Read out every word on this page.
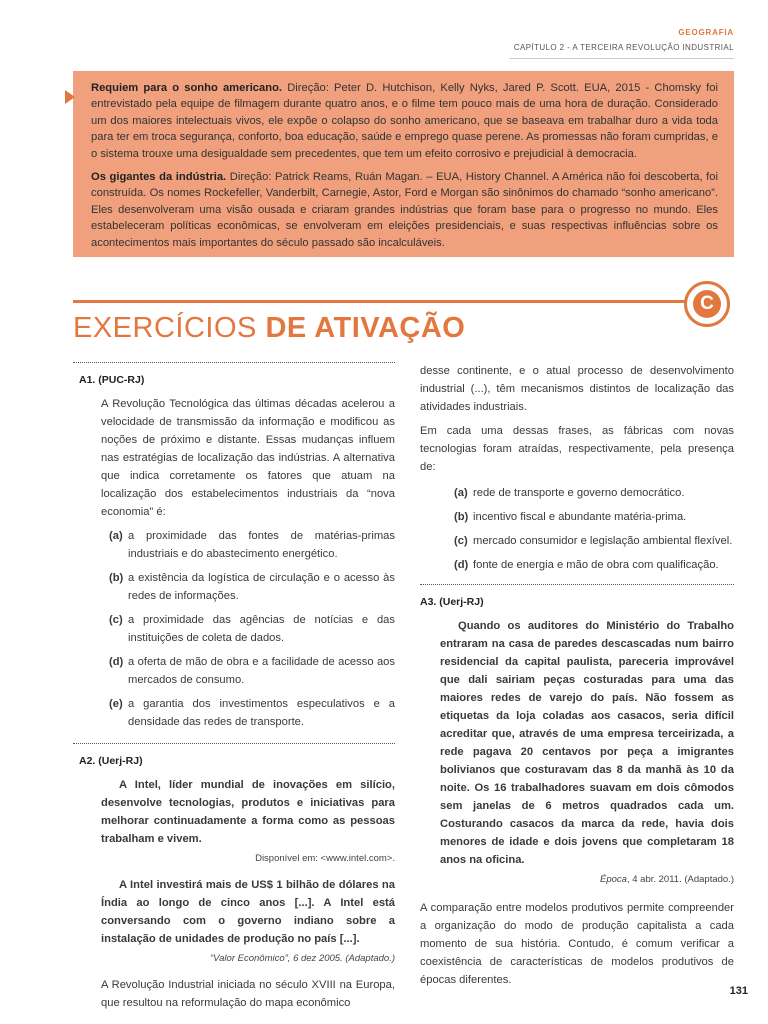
GEOGRAFIA
CAPÍTULO 2 - A TERCEIRA REVOLUÇÃO INDUSTRIAL

Requiem para o sonho americano. Direção: Peter D. Hutchison, Kelly Nyks, Jared P. Scott. EUA, 2015 - Chomsky foi entrevistado pela equipe de filmagem durante quatro anos, e o filme tem pouco mais de uma hora de duração. Considerado um dos maiores intelectuais vivos, ele expõe o colapso do sonho americano, que se baseava em trabalhar duro a vida toda para ter em troca segurança, conforto, boa educação, saúde e emprego quase perene. As promessas não foram cumpridas, e o sistema trouxe uma desigualdade sem precedentes, que tem um efeito corrosivo e prejudicial à democracia.

Os gigantes da indústria. Direção: Patrick Reams, Ruán Magan. – EUA, History Channel. A América não foi descoberta, foi construída. Os nomes Rockefeller, Vanderbilt, Carnegie, Astor, Ford e Morgan são sinônimos do chamado “sonho americano”. Eles desenvolveram uma visão ousada e criaram grandes indústrias que foram base para o progresso no mundo. Eles estabeleceram políticas econômicas, se envolveram em eleições presidenciais, e suas respectivas influências sobre os acontecimentos mais importantes do século passado são incalculáveis.

C
EXERCÍCIOS DE ATIVAÇÃO
A1. (PUC-RJ)

A Revolução Tecnológica das últimas décadas acelerou a velocidade de transmissão da informação e modificou as noções de próximo e distante. Essas mudanças influem nas estratégias de localização das indústrias. A alternativa que indica corretamente os fatores que atuam na localização dos estabelecimentos industriais da “nova economia” é:

(a) a proximidade das fontes de matérias-primas industriais e do abastecimento energético.
(b) a existência da logística de circulação e o acesso às redes de informações.
(c) a proximidade das agências de notícias e das instituições de coleta de dados.
(d) a oferta de mão de obra e a facilidade de acesso aos mercados de consumo.
(e) a garantia dos investimentos especulativos e a densidade das redes de transporte.
A2. (Uerj-RJ)

A Intel, líder mundial de inovações em silício, desenvolve tecnologias, produtos e iniciativas para melhorar continuadamente a forma como as pessoas trabalham e vivem.

Disponível em: <www.intel.com>.

A Intel investirá mais de US$ 1 bilhão de dólares na Índia ao longo de cinco anos [...]. A Intel está conversando com o governo indiano sobre a instalação de unidades de produção no país [...].

“Valor Econômico”, 6 dez 2005. (Adaptado.)

A Revolução Industrial iniciada no século XVIII na Europa, que resultou na reformulação do mapa econômico

desse continente, e o atual processo de desenvolvimento industrial (...), têm mecanismos distintos de localização das atividades industriais.

Em cada uma dessas frases, as fábricas com novas tecnologias foram atraídas, respectivamente, pela presença de:

(a) rede de transporte e governo democrático.
(b) incentivo fiscal e abundante matéria-prima.
(c) mercado consumidor e legislação ambiental flexível.
(d) fonte de energia e mão de obra com qualificação.
A3. (Uerj-RJ)

Quando os auditores do Ministério do Trabalho entraram na casa de paredes descascadas num bairro residencial da capital paulista, pareceria improvável que dali sairiam peças costuradas para uma das maiores redes de varejo do país. Não fossem as etiquetas da loja coladas aos casacos, seria difícil acreditar que, através de uma empresa terceirizada, a rede pagava 20 centavos por peça a imigrantes bolivianos que costuravam das 8 da manhã às 10 da noite. Os 16 trabalhadores suavam em dois cômodos sem janelas de 6 metros quadrados cada um. Costurando casacos da marca da rede, havia dois menores de idade e dois jovens que completaram 18 anos na oficina.

Época, 4 abr. 2011. (Adaptado.)

A comparação entre modelos produtivos permite compreender a organização do modo de produção capitalista a cada momento de sua história. Contudo, é comum verificar a coexistência de características de modelos produtivos de épocas diferentes.

131
